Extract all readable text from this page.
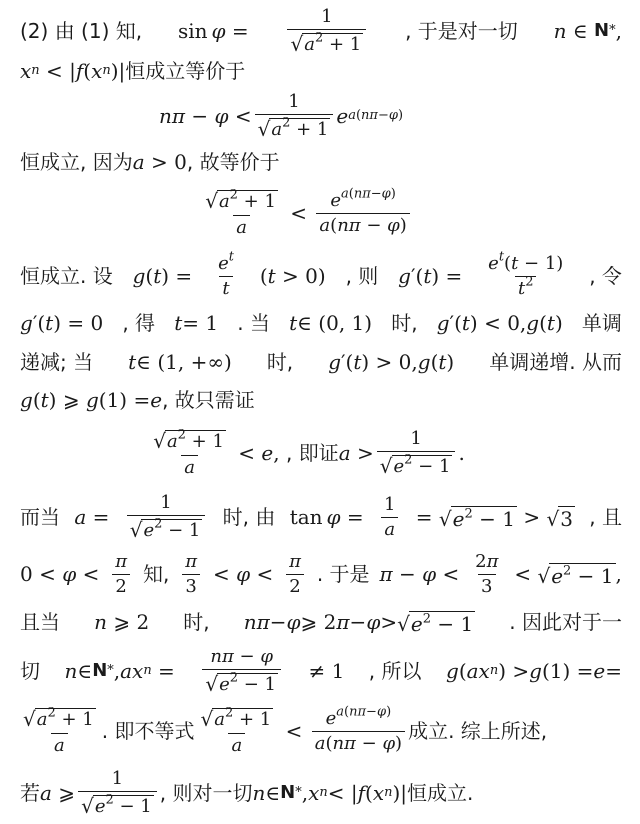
(2) 由 (1) 知, $\sin \varphi = \frac{1}{√ a^2 + 1}$ , 于是对一切 n ∈ N * ,
x n < | f ( x n )| 恒成立等价于
$n\pi - \varphi < \frac{1}{√ a^2 + 1}$ e a(nπ−φ)
恒成立, 因为 a > 0 , 故等价于
$\frac{√ a^2 + 1}{a} < \frac{e^{a(n\pi-\varphi)}}{a(n\pi - \varphi)}$
恒成立. 设 g ( t ) = $\frac{e^t}{t}$ ( t > 0) , 则 g ′( t ) = $\frac{e^t(t - 1)}{t^2}$ , 令
g ′( t ) = 0 , 得 t = 1 . 当 t ∈ (0, 1) 时, g ′( t ) < 0, g ( t ) 单调
递减; 当 t ∈ (1, +∞) 时, g ′( t ) > 0, g ( t ) 单调递增. 从而
g ( t ) ⩾ g (1) = e , 故只需证
$\frac{√ a^2 + 1}{a} < e$ , , 即证 $a > \frac{1}{√ e^2 - 1}$ .
而当 $a = \frac{1}{√ e^2 - 1}$ 时, 由 $\tan \varphi = \frac{1}{a}$ = √ $e^2 - 1$ > √ 3 , 且
$0 < \varphi < \frac{\pi}{2}$ 知, $\frac{\pi}{3} < \varphi < \frac{\pi}{2}$ . 于是 $\pi - \varphi < \frac{2\pi}{3}$ < √ $e^2 - 1$ ,
且当 n ⩾ 2 时, nπ − φ ⩾ 2 π − φ > √ $e^2 - 1$ . 因此对于一
切 n ∈ N * , ax $n = \frac{n\pi - \varphi}{√ e^2 - 1} \ne 1$ , 所以 g ( ax n ) > g (1) = e =
$\frac{√ a^2 + 1}{a}$ . 即不等式 $\frac{√ a^2 + 1}{a} < \frac{e^{a(n\pi-\varphi)}}{a(n\pi - \varphi)}$ 成立. 综上所述,
若 a ⩾ $\frac{1}{√ e^2 - 1}$ , 则对一切 n ∈ N * , x n < | f ( x n )| 恒成立.
